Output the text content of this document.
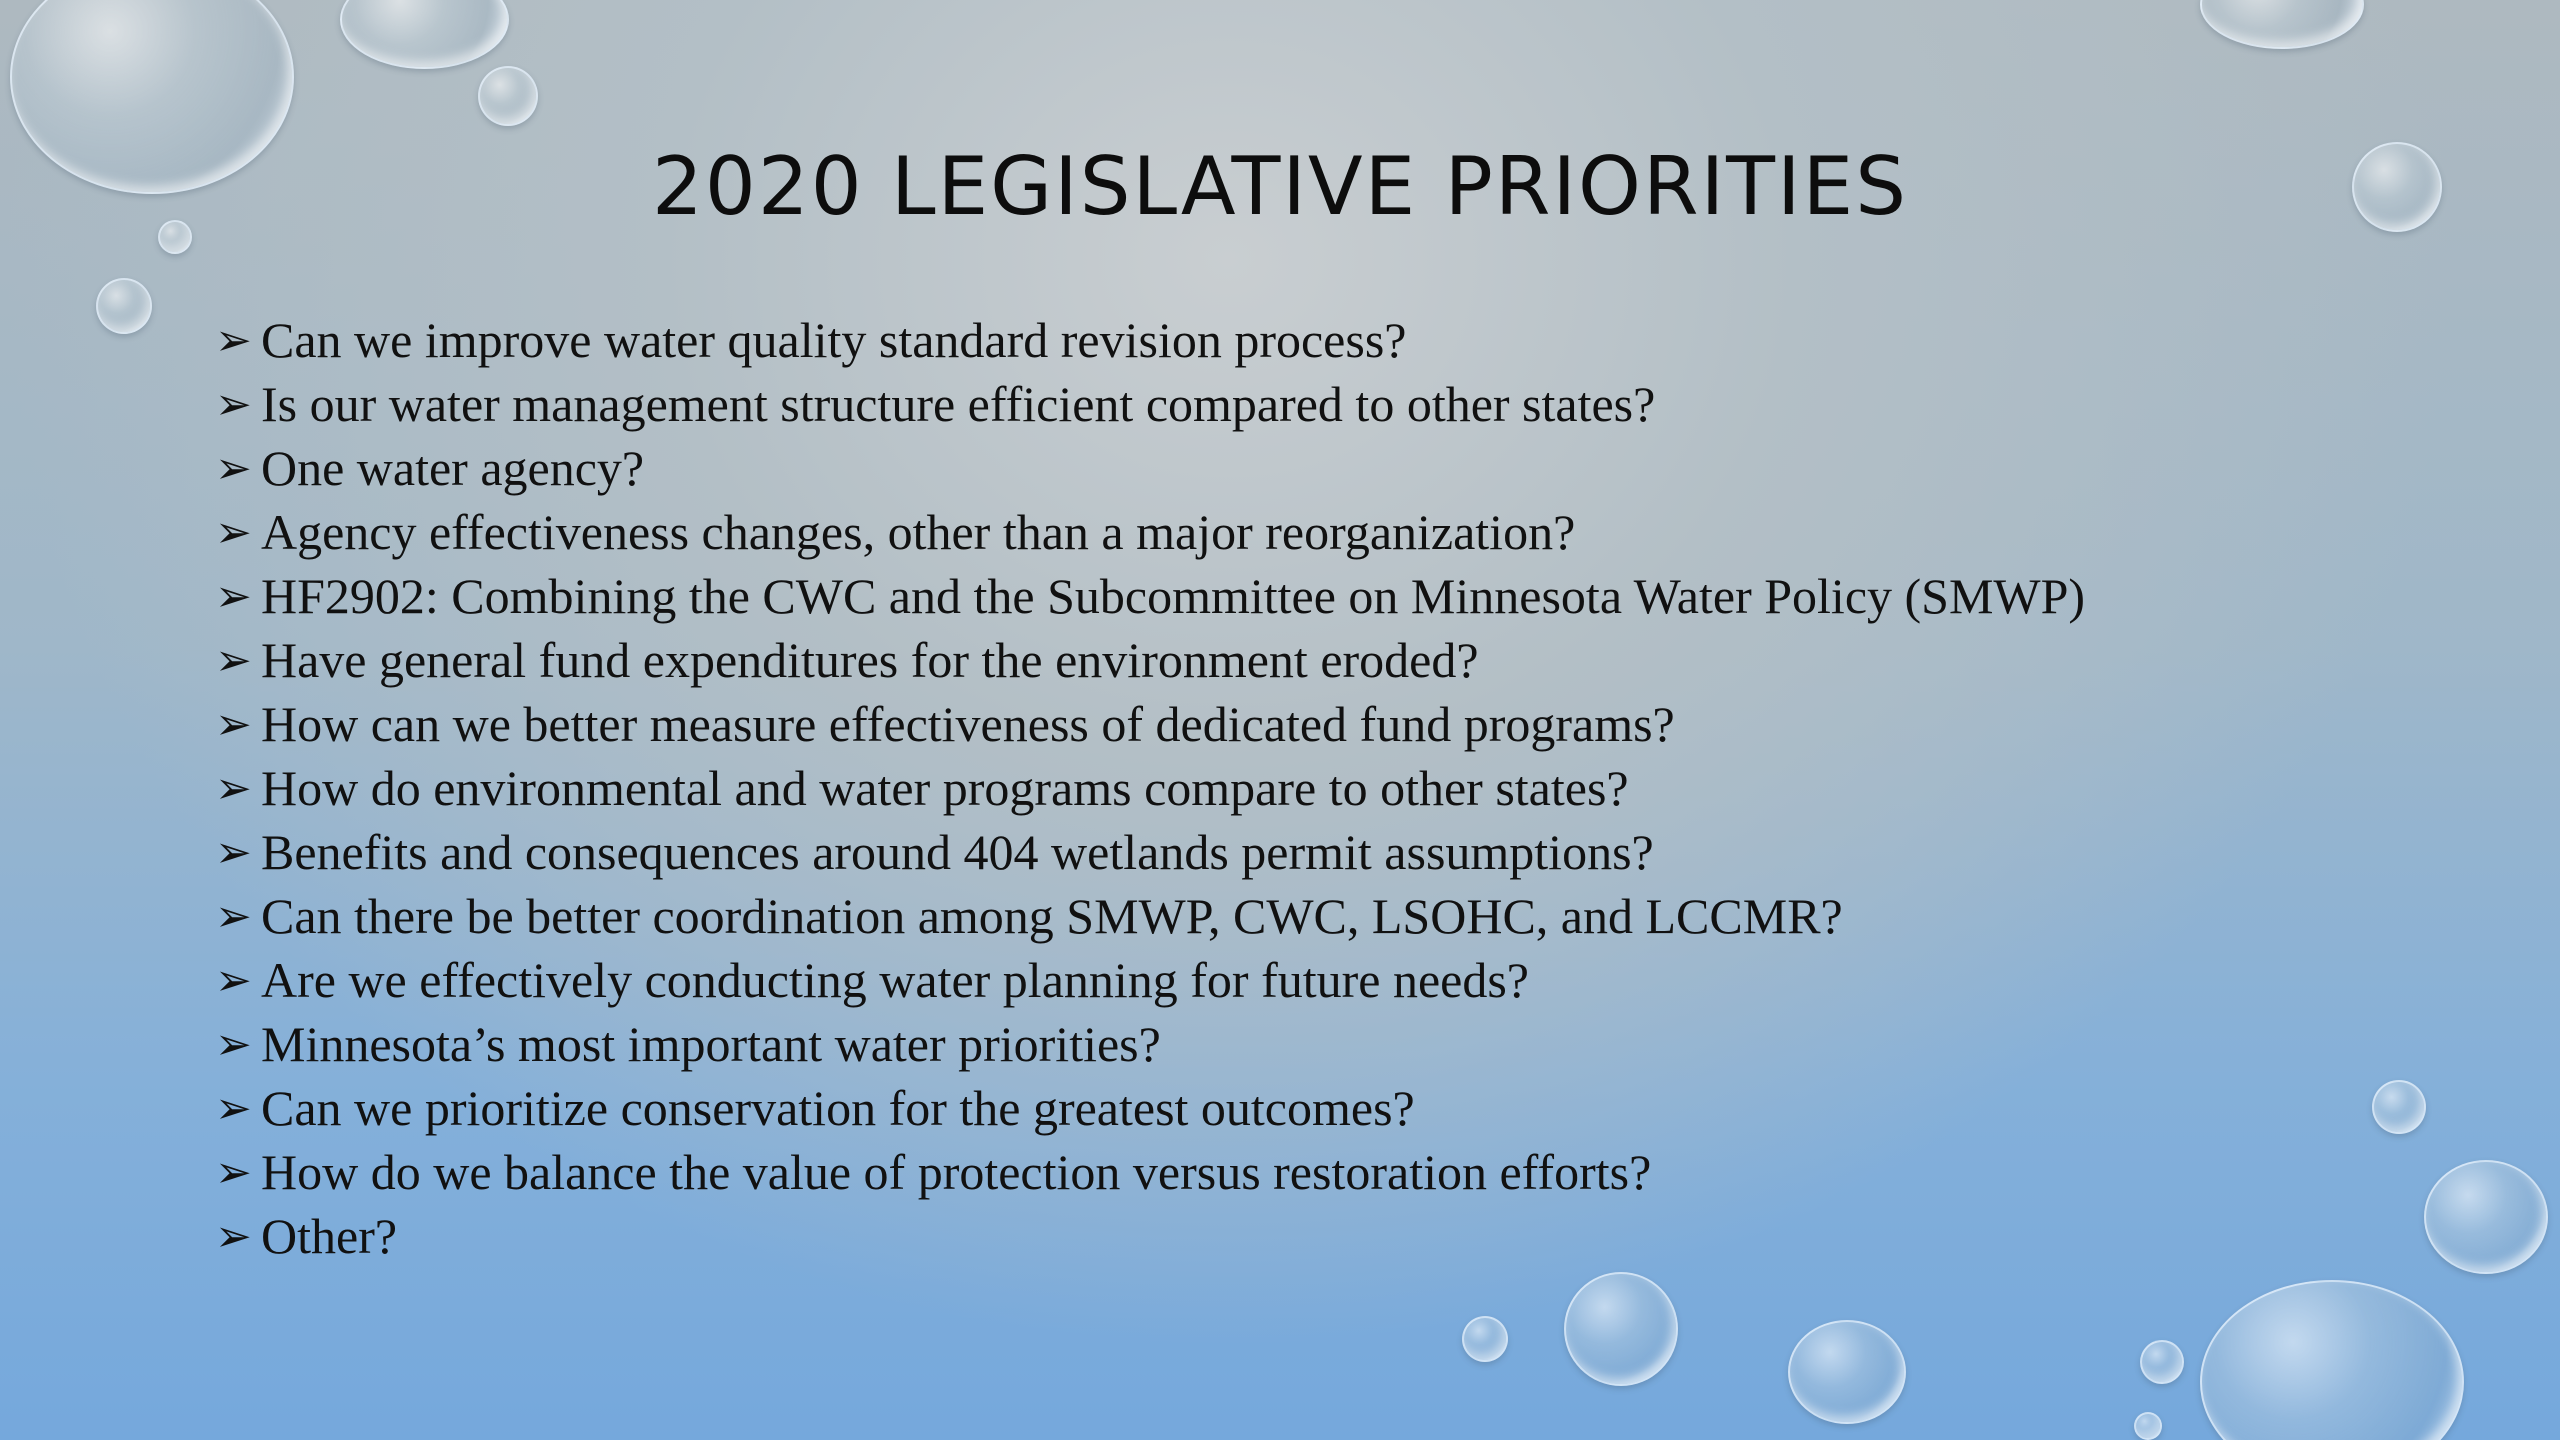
2020 LEGISLATIVE PRIORITIES
➢ Can we improve water quality standard revision process?
➢ Is our water management structure efficient compared to other states?
➢ One water agency?
➢ Agency effectiveness changes, other than a major reorganization?
➢ HF2902: Combining the CWC and the Subcommittee on Minnesota Water Policy (SMWP)
➢ Have general fund expenditures for the environment eroded?
➢ How can we better measure effectiveness of dedicated fund programs?
➢ How do environmental and water programs compare to other states?
➢ Benefits and consequences around 404 wetlands permit assumptions?
➢ Can there be better coordination among SMWP, CWC, LSOHC, and LCCMR?
➢ Are we effectively conducting water planning for future needs?
➢ Minnesota’s most important water priorities?
➢ Can we prioritize conservation for the greatest outcomes?
➢ How do we balance the value of protection versus restoration efforts?
➢ Other?
